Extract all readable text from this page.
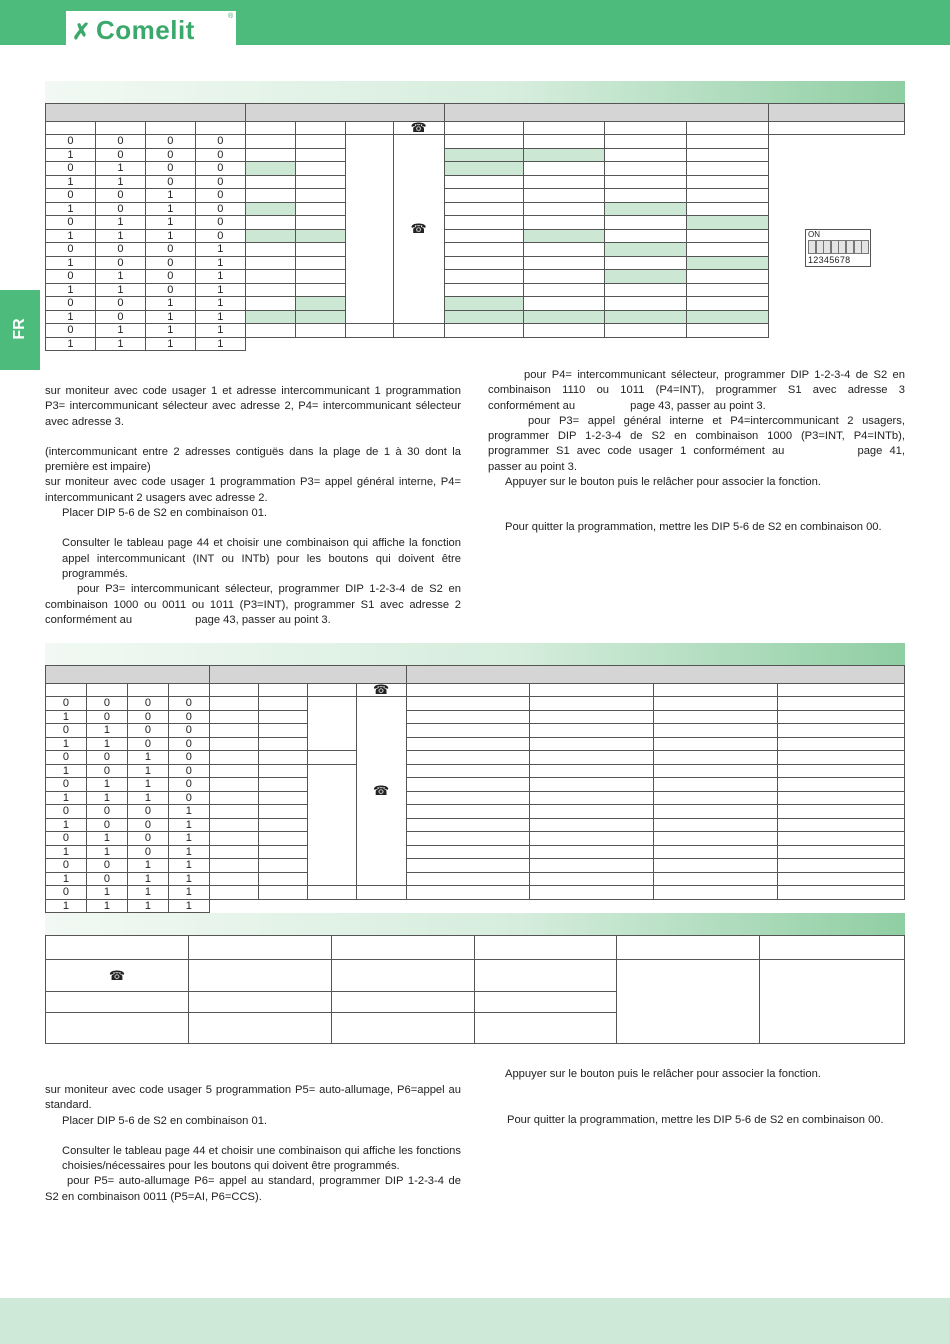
✗ Comelit	®
FR

							☎					
0	0	0	0				☎					
1	0	0	0									
0	1	0	0									
1	1	0	0									
0	0	1	0									
1	0	1	0									
0	1	1	0									
1	1	1	0									
0	0	0	1									
1	0	0	1									
0	1	0	1									
1	1	0	1									
0	0	1	1									
1	0	1	1									
0	1	1	1									
1	1	1	1									
ON
12345678

sur moniteur avec code usager 1 et adresse intercommunicant 1 programmation P3= intercommunicant sélecteur avec adresse 2, P4= intercommunicant sélecteur avec adresse 3.

(intercommunicant entre 2 adresses contiguës dans la plage de 1 à 30 dont la première est impaire)

sur moniteur avec code usager 1 programmation P3= appel général interne, P4= intercommunicant 2 usagers avec adresse 2.

Placer DIP 5-6 de S2 en combinaison 01.

Consulter le tableau page 44 et choisir une combinaison qui affiche la fonction appel intercommunicant (INT ou INTb) pour les boutons qui doivent être programmés.

pour P3= intercommunicant sélecteur, programmer DIP 1-2-3-4 de S2 en combinaison 1000 ou 0011 ou 1011 (P3=INT), programmer S1 avec adresse 2 conformément au	page 43, passer au point 3.

pour P4= intercommunicant sélecteur, programmer DIP 1-2-3-4 de S2 en combinaison 1110 ou 1011 (P4=INT), programmer S1 avec adresse 3 conformément au	page 43, passer au point 3.

pour P3= appel général interne et P4=intercommunicant 2 usagers, programmer DIP 1-2-3-4 de S2 en combinaison 1000 (P3=INT, P4=INTb), programmer S1 avec code usager 1 conformément au	page 41, passer au point 3.

Appuyer sur le bouton puis le relâcher pour associer la fonction.

Pour quitter la programmation, mettre les DIP 5-6 de S2 en combinaison 00.

							☎				
0	0	0	0				☎				
1	0	0	0								
0	1	0	0								
1	1	0	0								
0	0	1	0								
1	0	1	0								
0	1	1	0								
1	1	1	0								
0	0	0	1								
1	0	0	1								
0	1	0	1								
1	1	0	1								
0	0	1	1								
1	0	1	1								
0	1	1	1								
1	1	1	1								

☎					

sur moniteur avec code usager 5 programmation P5= auto-allumage, P6=appel au standard.

Placer DIP 5-6 de S2 en combinaison 01.

Consulter le tableau page 44 et choisir une combinaison qui affiche les fonctions choisies/nécessaires pour les boutons qui doivent être programmés.

pour P5= auto-allumage P6= appel au standard, programmer DIP 1-2-3-4 de S2 en combinaison 0011 (P5=AI, P6=CCS).

Appuyer sur le bouton puis le relâcher pour associer la fonction.

Pour quitter la programmation, mettre les DIP 5-6 de S2 en combinaison 00.
